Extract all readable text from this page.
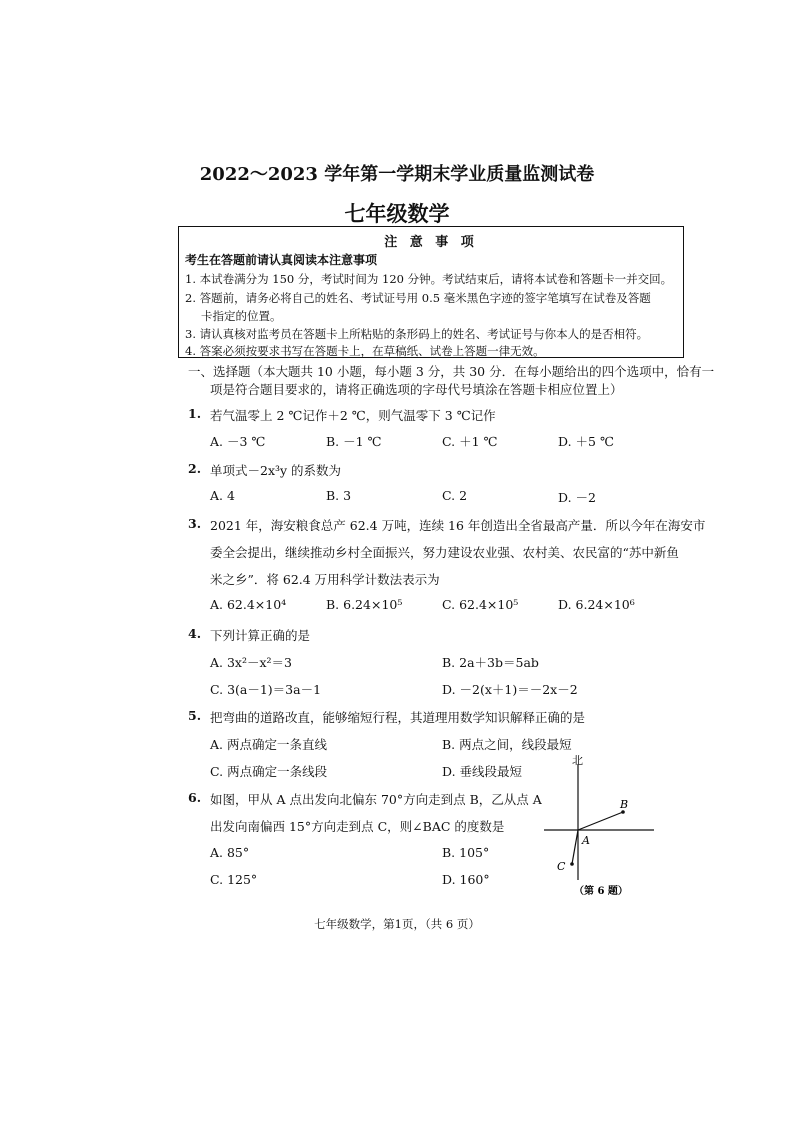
2022～2023 学年第一学期末学业质量监测试卷
七年级数学
注 意 事 项
考生在答题前请认真阅读本注意事项
1. 本试卷满分为 150 分，考试时间为 120 分钟。考试结束后，请将本试卷和答题卡一并交回。
2. 答题前，请务必将自己的姓名、考试证号用 0.5 毫米黑色字迹的签字笔填写在试卷及答题
卡指定的位置。
3. 请认真核对监考员在答题卡上所粘贴的条形码上的姓名、考试证号与你本人的是否相符。
4. 答案必须按要求书写在答题卡上，在草稿纸、试卷上答题一律无效。
一、选择题（本大题共 10 小题，每小题 3 分，共 30 分．在每小题给出的四个选项中，恰有一
项是符合题目要求的，请将正确选项的字母代号填涂在答题卡相应位置上）
1. 若气温零上 2 ℃记作＋2 ℃，则气温零下 3 ℃记作
A. －3 ℃	B. －1 ℃	C. ＋1 ℃	D. ＋5 ℃
2. 单项式－2x³y 的系数为
A. 4	B. 3	C. 2	D. －2
3. 2021 年，海安粮食总产 62.4 万吨，连续 16 年创造出全省最高产量．所以今年在海安市
委全会提出，继续推动乡村全面振兴，努力建设农业强、农村美、农民富的“苏中新鱼
米之乡”．将 62.4 万用科学计数法表示为
A. 62.4×10⁴	B. 6.24×10⁵	C. 62.4×10⁵	D. 6.24×10⁶
4. 下列计算正确的是
A. 3x²－x²＝3	B. 2a＋3b＝5ab
C. 3(a－1)＝3a－1	D. －2(x＋1)＝－2x－2
5. 把弯曲的道路改直，能够缩短行程，其道理用数学知识解释正确的是
A. 两点确定一条直线	B. 两点之间，线段最短
C. 两点确定一条线段	D. 垂线段最短
6. 如图，甲从 A 点出发向北偏东 70°方向走到点 B，乙从点 A
出发向南偏西 15°方向走到点 C，则∠BAC 的度数是
A. 85°	B. 105°
C. 125°	D. 160°
北
B
A
C
（第 6 题）
七年级数学，第1页，（共 6 页）
